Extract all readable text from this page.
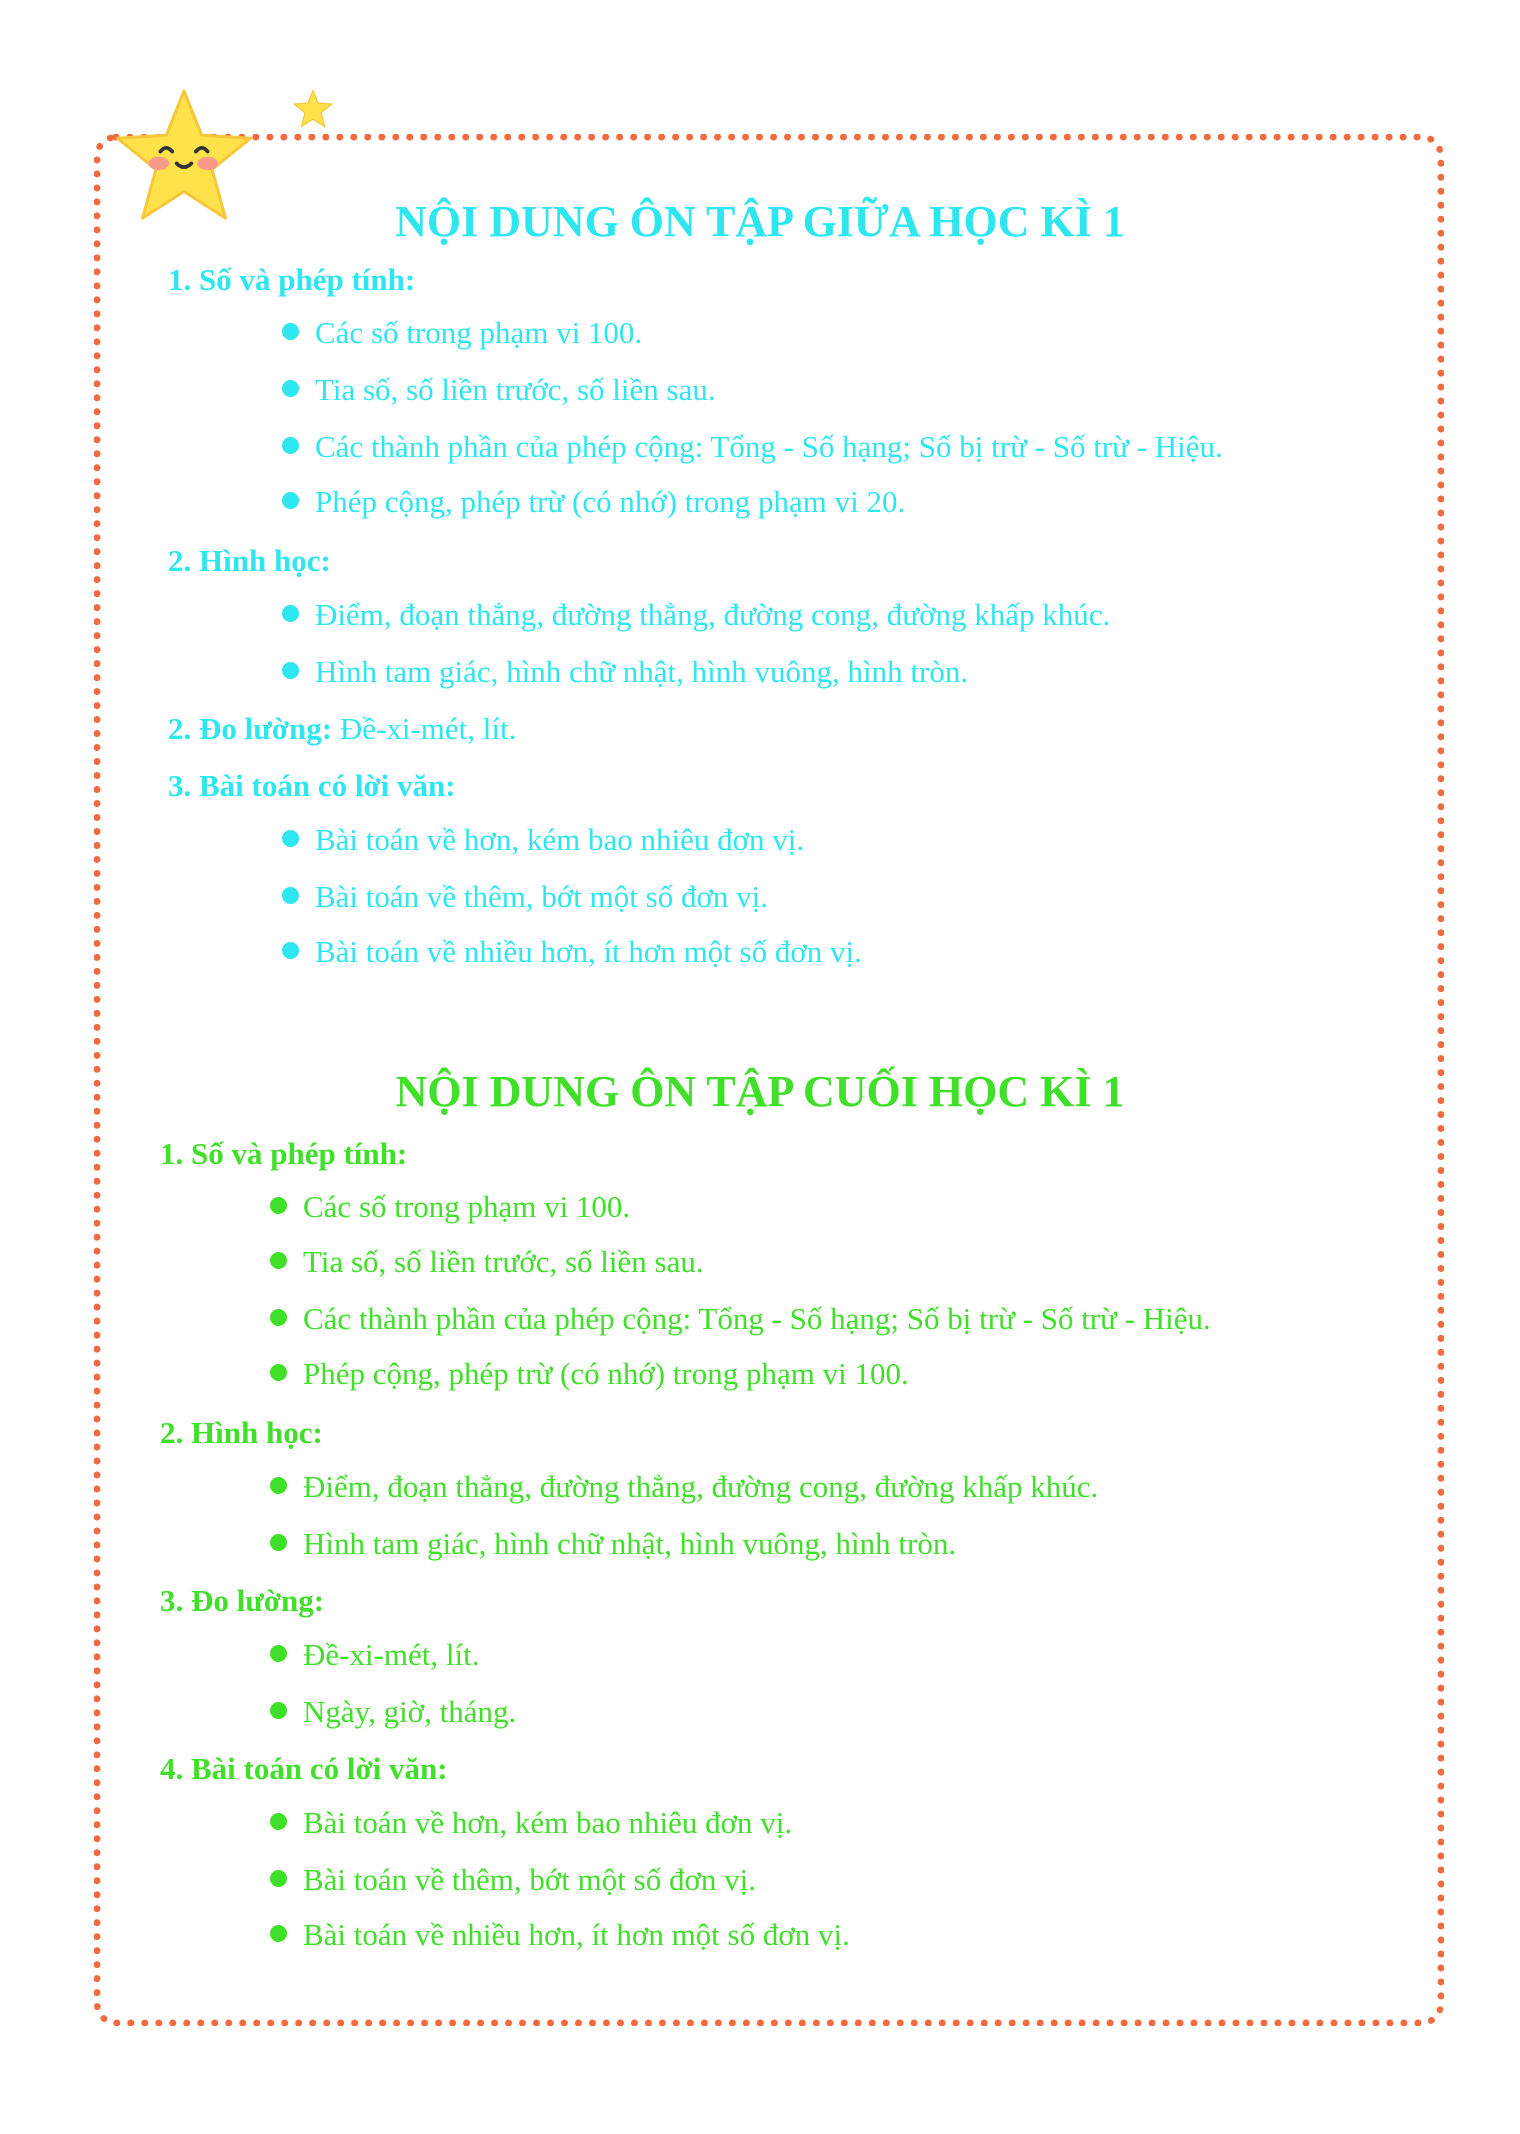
NỘI DUNG ÔN TẬP GIỮA HỌC KÌ 1
1. Số và phép tính:
Các số trong phạm vi 100.
Tia số, số liền trước, số liền sau.
Các thành phần của phép cộng: Tổng - Số hạng; Số bị trừ - Số trừ - Hiệu.
Phép cộng, phép trừ (có nhớ) trong phạm vi 20.
2. Hình học:
Điểm, đoạn thẳng, đường thẳng, đường cong, đường khấp khúc.
Hình tam giác, hình chữ nhật, hình vuông, hình tròn.
2. Đo lường: Đề-xi-mét, lít.
3. Bài toán có lời văn:
Bài toán về hơn, kém bao nhiêu đơn vị.
Bài toán về thêm, bớt một số đơn vị.
Bài toán về nhiều hơn, ít hơn một số đơn vị.
NỘI DUNG ÔN TẬP CUỐI HỌC KÌ 1
1. Số và phép tính:
Các số trong phạm vi 100.
Tia số, số liền trước, số liền sau.
Các thành phần của phép cộng: Tổng - Số hạng; Số bị trừ - Số trừ - Hiệu.
Phép cộng, phép trừ (có nhớ) trong phạm vi 100.
2. Hình học:
Điểm, đoạn thẳng, đường thẳng, đường cong, đường khấp khúc.
Hình tam giác, hình chữ nhật, hình vuông, hình tròn.
3. Đo lường:
Đề-xi-mét, lít.
Ngày, giờ, tháng.
4. Bài toán có lời văn:
Bài toán về hơn, kém bao nhiêu đơn vị.
Bài toán về thêm, bớt một số đơn vị.
Bài toán về nhiều hơn, ít hơn một số đơn vị.
